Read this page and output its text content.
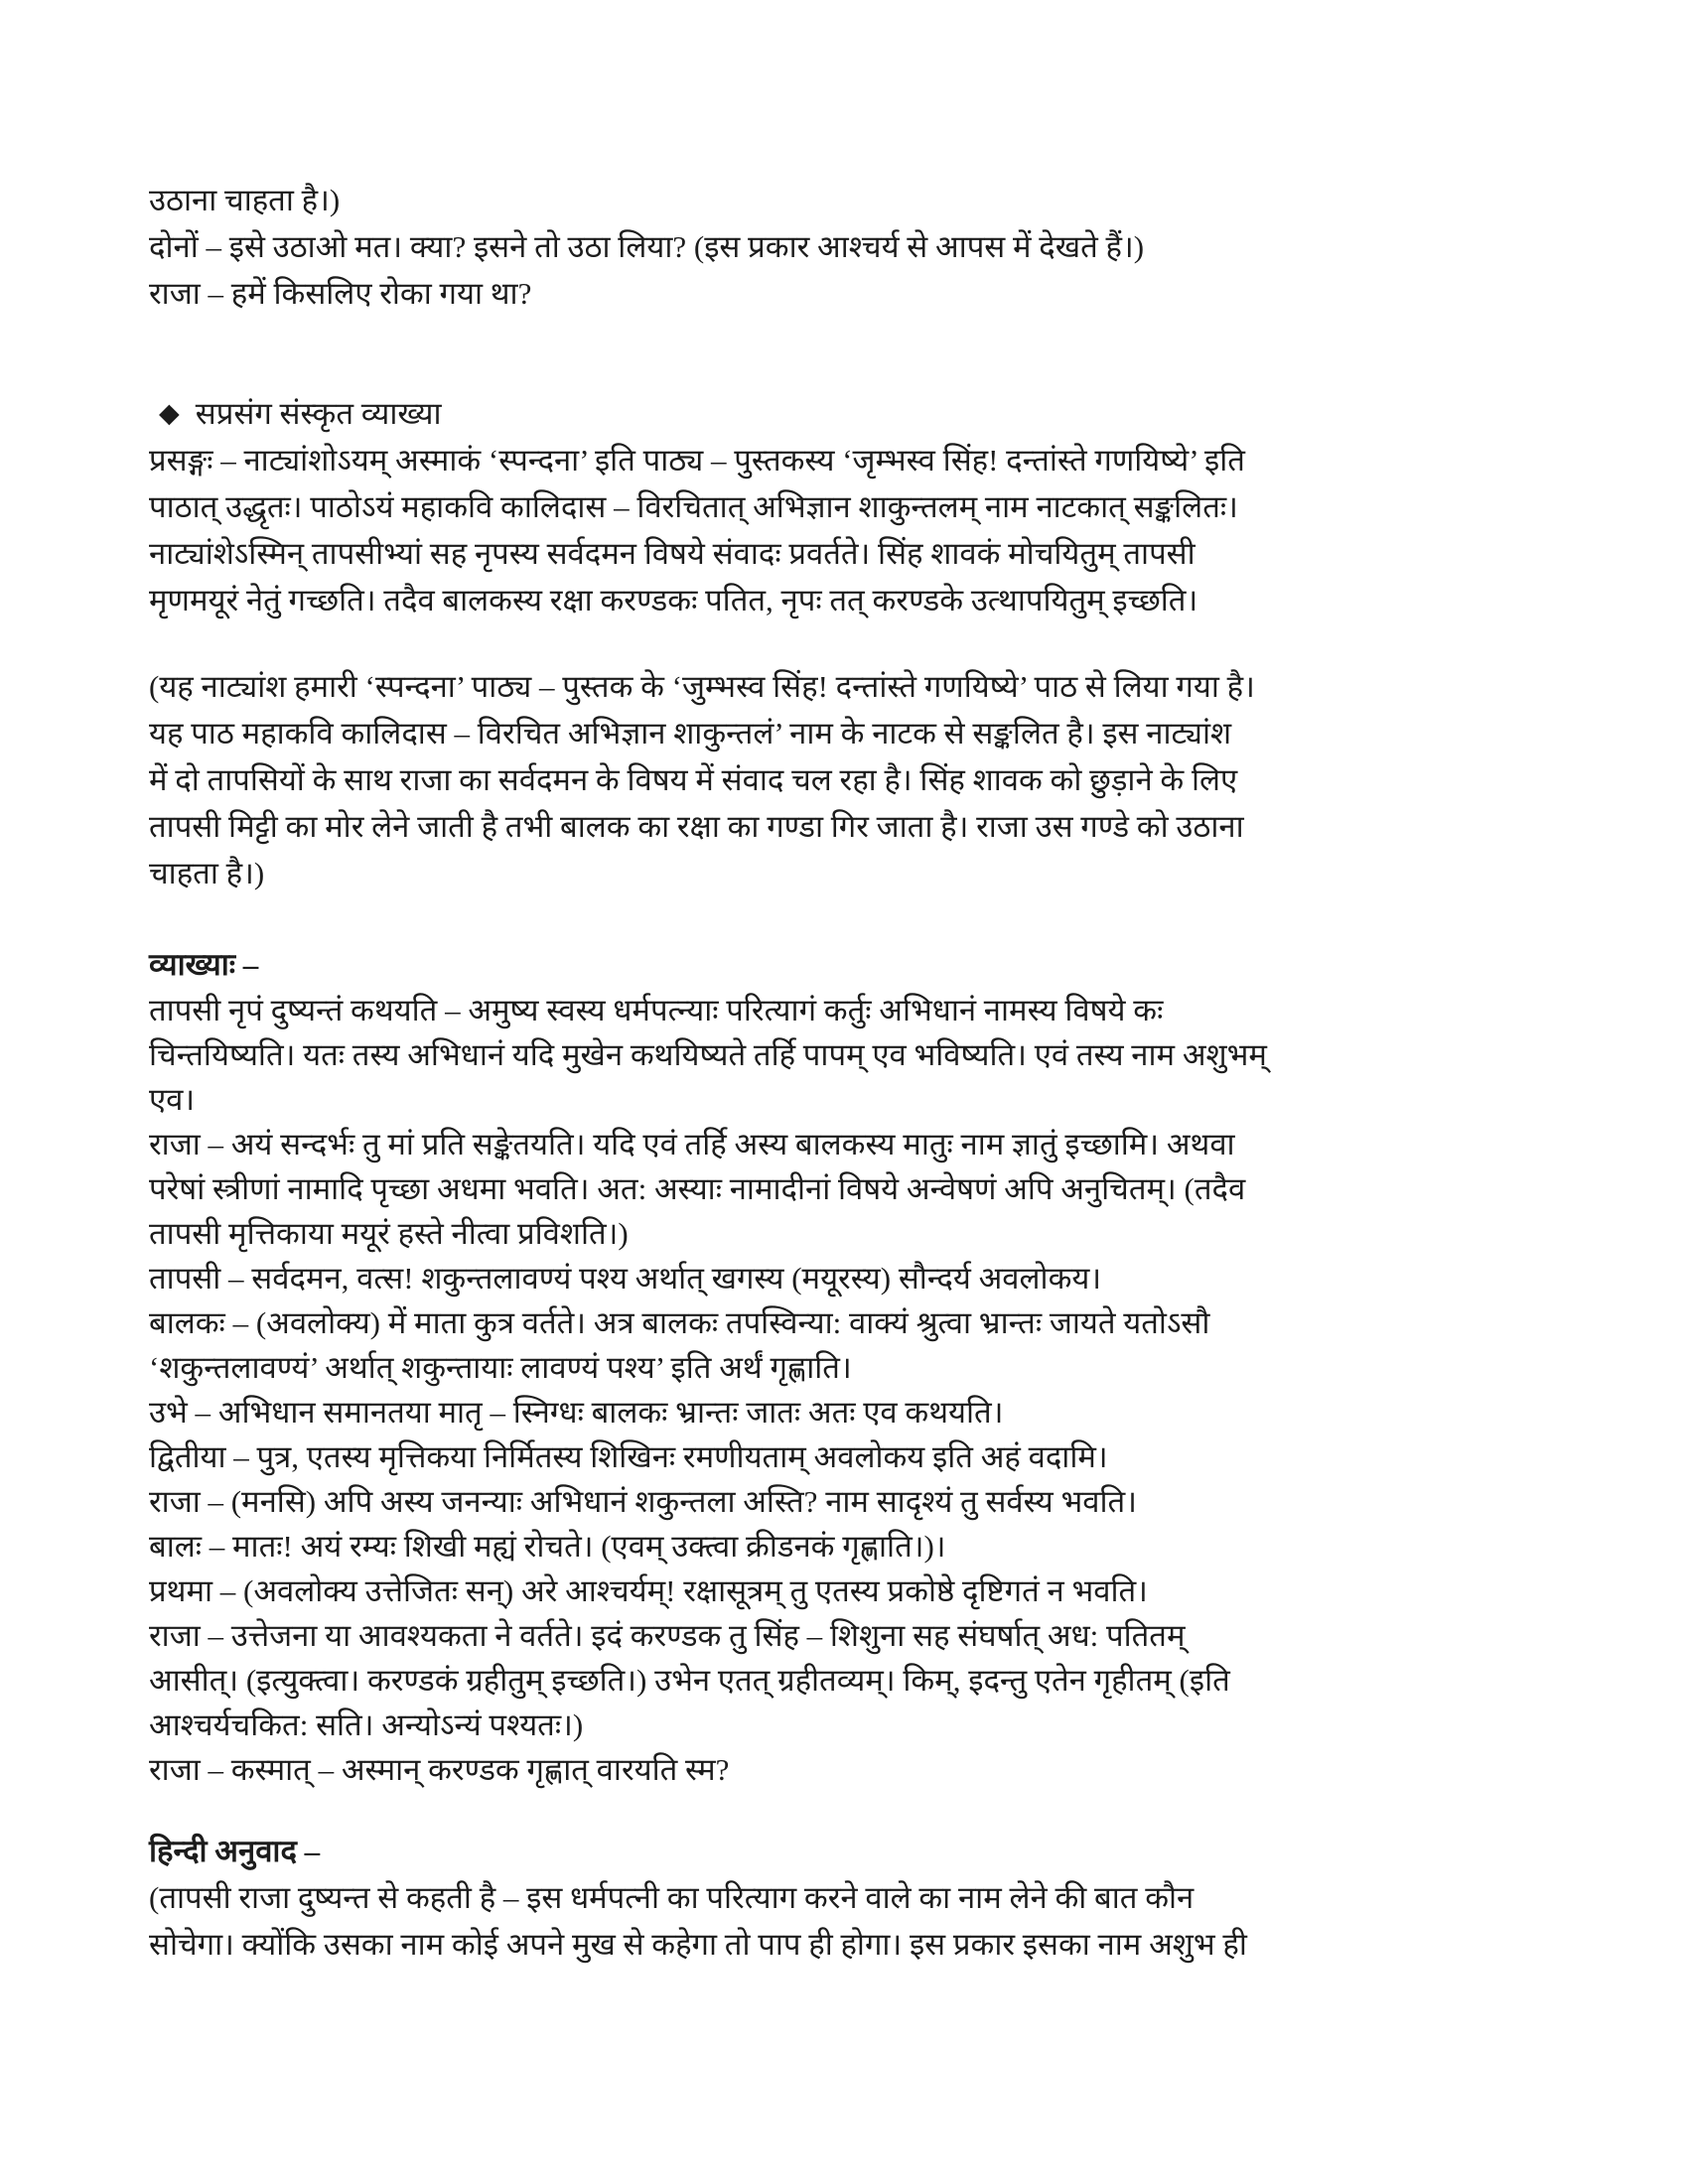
उठाना चाहता है।)
दोनों – इसे उठाओ मत। क्या? इसने तो उठा लिया? (इस प्रकार आश्चर्य से आपस में देखते हैं।)
राजा – हमें किसलिए रोका गया था?
◆ सप्रसंग संस्कृत व्याख्या
प्रसङ्गः – नाट्यांशोऽयम् अस्माकं ‘स्पन्दना’ इति पाठ्य – पुस्तकस्य ‘जृम्भस्व सिंह! दन्तांस्ते गणयिष्ये’ इति
पाठात् उद्धृतः। पाठोऽयं महाकवि कालिदास – विरचितात् अभिज्ञान शाकुन्तलम् नाम नाटकात् सङ्कलितः।
नाट्यांशेऽस्मिन् तापसीभ्यां सह नृपस्य सर्वदमन विषये संवादः प्रवर्तते। सिंह शावकं मोचयितुम् तापसी
मृणमयूरं नेतुं गच्छति। तदैव बालकस्य रक्षा करण्डकः पतित, नृपः तत् करण्डके उत्थापयितुम् इच्छति।
(यह नाट्यांश हमारी ‘स्पन्दना’ पाठ्य – पुस्तक के ‘जुम्भस्व सिंह! दन्तांस्ते गणयिष्ये’ पाठ से लिया गया है।
यह पाठ महाकवि कालिदास – विरचित अभिज्ञान शाकुन्तलं’ नाम के नाटक से सङ्कलित है। इस नाट्यांश
में दो तापसियों के साथ राजा का सर्वदमन के विषय में संवाद चल रहा है। सिंह शावक को छुड़ाने के लिए
तापसी मिट्टी का मोर लेने जाती है तभी बालक का रक्षा का गण्डा गिर जाता है। राजा उस गण्डे को उठाना
चाहता है।)
व्याख्याः –
तापसी नृपं दुष्यन्तं कथयति – अमुष्य स्वस्य धर्मपत्न्याः परित्यागं कर्तुः अभिधानं नामस्य विषये कः
चिन्तयिष्यति। यतः तस्य अभिधानं यदि मुखेन कथयिष्यते तर्हि पापम् एव भविष्यति। एवं तस्य नाम अशुभम्
एव।
राजा – अयं सन्दर्भः तु मां प्रति सङ्केतयति। यदि एवं तर्हि अस्य बालकस्य मातुः नाम ज्ञातुं इच्छामि। अथवा
परेषां स्त्रीणां नामादि पृच्छा अधमा भवति। अत: अस्याः नामादीनां विषये अन्वेषणं अपि अनुचितम्। (तदैव
तापसी मृत्तिकाया मयूरं हस्ते नीत्वा प्रविशति।)
तापसी – सर्वदमन, वत्स! शकुन्तलावण्यं पश्य अर्थात् खगस्य (मयूरस्य) सौन्दर्य अवलोकय।
बालकः – (अवलोक्य) में माता कुत्र वर्तते। अत्र बालकः तपस्विन्या: वाक्यं श्रुत्वा भ्रान्तः जायते यतोऽसौ
‘शकुन्तलावण्यं’ अर्थात् शकुन्तायाः लावण्यं पश्य’ इति अर्थं गृह्णाति।
उभे – अभिधान समानतया मातृ – स्निग्धः बालकः भ्रान्तः जातः अतः एव कथयति।
द्वितीया – पुत्र, एतस्य मृत्तिकया निर्मितस्य शिखिनः रमणीयताम् अवलोकय इति अहं वदामि।
राजा – (मनसि) अपि अस्य जनन्याः अभिधानं शकुन्तला अस्ति? नाम सादृश्यं तु सर्वस्य भवति।
बालः – मातः! अयं रम्यः शिखी मह्यं रोचते। (एवम् उक्त्वा क्रीडनकं गृह्णाति।)।
प्रथमा – (अवलोक्य उत्तेजितः सन्) अरे आश्चर्यम्! रक्षासूत्रम् तु एतस्य प्रकोष्ठे दृष्टिगतं न भवति।
राजा – उत्तेजना या आवश्यकता ने वर्तते। इदं करण्डक तु सिंह – शिशुना सह संघर्षात् अध: पतितम्
आसीत्। (इत्युक्त्वा। करण्डकं ग्रहीतुम् इच्छति।) उभेन एतत् ग्रहीतव्यम्। किम्, इदन्तु एतेन गृहीतम् (इति
आश्चर्यचकित: सति। अन्योऽन्यं पश्यतः।)
राजा – कस्मात् – अस्मान् करण्डक गृह्णात् वारयति स्म?
हिन्दी अनुवाद –
(तापसी राजा दुष्यन्त से कहती है – इस धर्मपत्नी का परित्याग करने वाले का नाम लेने की बात कौन
सोचेगा। क्योंकि उसका नाम कोई अपने मुख से कहेगा तो पाप ही होगा। इस प्रकार इसका नाम अशुभ ही
